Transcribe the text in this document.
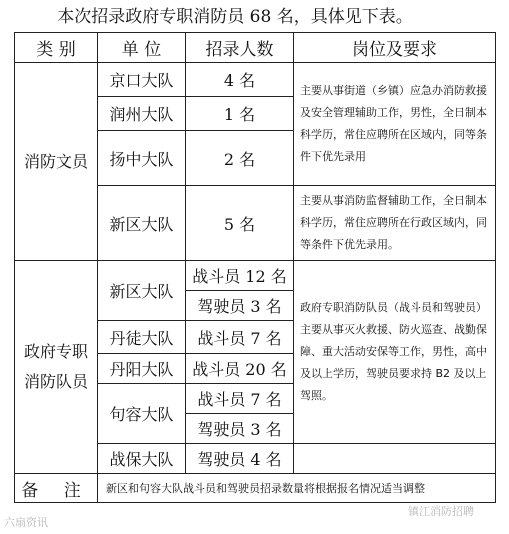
本次招录政府专职消防员 68 名，具体见下表。
类 别	单 位	招录人数	岗位及要求
消防文员	京口大队	4 名	主要从事街道（乡镇）应急办消防救援及安全管理辅助工作，男性，全日制本科学历，常住应聘所在区域内，同等条件下优先录用
	润州大队	1 名	
	扬中大队	2 名	
	新区大队	5 名	主要从事消防监督辅助工作，全日制本科学历，常住应聘所在行政区域内，同等条件下优先录用。
政府专职
消防队员	新区大队	战斗员 12 名	政府专职消防队员（战斗员和驾驶员）主要从事灭火救援、防火巡查、战勤保障、重大活动安保等工作，男性，高中及以上学历，驾驶员要求持 B2 及以上驾照。
		驾驶员 3 名	
	丹徒大队	战斗员 7 名	
	丹阳大队	战斗员 20 名	
	句容大队	战斗员 7 名	
		驾驶员 3 名	
	战保大队	驾驶员 4 名	
备 注	新区和句容大队战斗员和驾驶员招录数量将根据报名情况适当调整		
六扇资讯
镇江消防招聘
